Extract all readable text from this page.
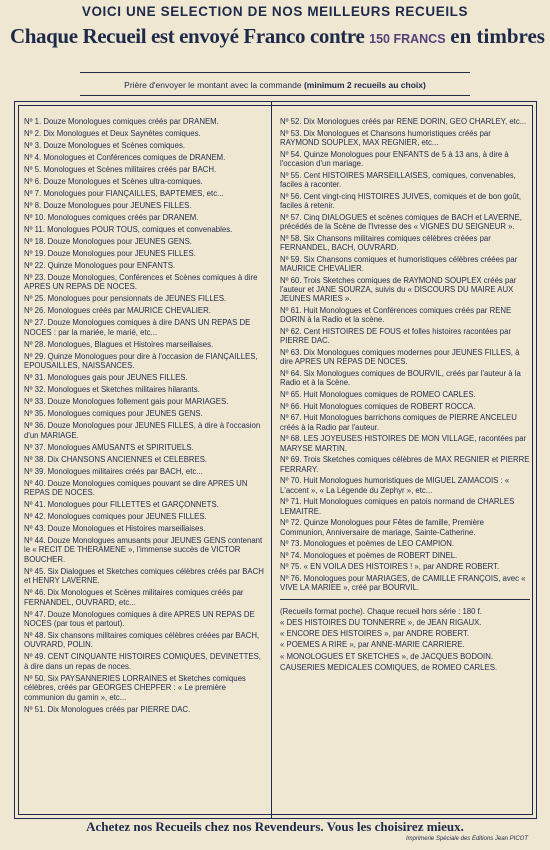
VOICI UNE SELECTION DE NOS MEILLEURS RECUEILS
Chaque Recueil est envoyé Franco contre 150 FRANCS en timbres
Prière d'envoyer le montant avec la commande (minimum 2 recueils au choix)
Nº 1. Douze Monologues comiques créés par DRANEM.
Nº 2. Dix Monologues et Deux Saynètes comiques.
Nº 3. Douze Monologues et Scènes comiques.
Nº 4. Monologues et Conférences comiques de DRANEM.
Nº 5. Monologues et Scènes militaires créés par BACH.
Nº 6. Douze Monologues et Scènes ultra-comiques.
Nº 7. Monologues pour FIANÇAILLES, BAPTEMES, etc...
Nº 8. Douze Monologues pour JEUNES FILLES.
Nº 10. Monologues comiques créés par DRANEM.
Nº 11. Monologues POUR TOUS, comiques et convenables.
Nº 18. Douze Monologues pour JEUNES GENS.
Nº 19. Douze Monologues pour JEUNES FILLES.
Nº 22. Quinze Monologues pour ENFANTS.
Nº 23. Douze Monologues, Conférences et Scènes comiques à dire APRES UN REPAS DE NOCES.
Nº 25. Monologues pour pensionnats de JEUNES FILLES.
Nº 26. Monologues créés par MAURICE CHEVALIER.
Nº 27. Douze Monologues comiques à dire DANS UN REPAS DE NOCES : par la mariée, le marié, etc...
Nº 28. Monologues, Blagues et Histoires marseillaises.
Nº 29. Quinze Monologues pour dire à l'occasion de FIANÇAILLES, EPOUSAILLES, NAISSANCES.
Nº 31. Monologues gais pour JEUNES FILLES.
Nº 32. Monologues et Sketches militaires hilarants.
Nº 33. Douze Monologues follement gais pour MARIAGES.
Nº 35. Monologues comiques pour JEUNES GENS.
Nº 36. Douze Monologues pour JEUNES FILLES, à dire à l'occasion d'un MARIAGE.
Nº 37. Monologues AMUSANTS et SPIRITUELS.
Nº 38. Dix CHANSONS ANCIENNES et CELEBRES.
Nº 39. Monologues militaires créés par BACH, etc...
Nº 40. Douze Monologues comiques pouvant se dire APRES UN REPAS DE NOCES.
Nº 41. Monologues pour FILLETTES et GARÇONNETS.
Nº 42. Monologues comiques pour JEUNES FILLES.
Nº 43. Douze Monologues et Histoires marseillaises.
Nº 44. Douze Monologues amusants pour JEUNES GENS contenant le « RECIT DE THERAMENE », l'immense succès de VICTOR BOUCHER.
Nº 45. Six Dialogues et Sketches comiques célèbres créés par BACH et HENRY LAVERNE.
Nº 46. Dix Monologues et Scènes militaires comiques créés par FERNANDEL, OUVRARD, etc...
Nº 47. Douze Monologues comiques à dire APRES UN REPAS DE NOCES (par tous et partout).
Nº 48. Six chansons militaires comiques célèbres créées par BACH, OUVRARD, POLIN.
Nº 49. CENT CINQUANTE HISTOIRES COMIQUES, DEVINETTES, à dire dans un repas de noces.
Nº 50. Six PAYSANNERIES LORRAINES et Sketches comiques célèbres, créés par GEORGES CHEPFER : « Le première communion du gamin », etc...
Nº 51. Dix Monologues créés par PIERRE DAC.
Nº 52. Dix Monologues créés par RENE DORIN, GEO CHARLEY, etc...
Nº 53. Dix Monologues et Chansons humoristiques créés par RAYMOND SOUPLEX, MAX REGNIER, etc...
Nº 54. Quinze Monologues pour ENFANTS de 5 à 13 ans, à dire à l'occasion d'un mariage.
Nº 55. Cent HISTOIRES MARSEILLAISES, comiques, convenables, faciles à raconter.
Nº 56. Cent vingt-cinq HISTOIRES JUIVES, comiques et de bon goût, faciles à retenir.
Nº 57. Cinq DIALOGUES et scènes comiques de BACH et LAVERNE, précédés de la Scène de l'Ivresse des « VIGNES DU SEIGNEUR ».
Nº 58. Six Chansons militaires comiques célèbres créées par FERNANDEL, BACH, OUVRARD.
Nº 59. Six Chansons comiques et humoristiques célèbres créées par MAURICE CHEVALIER.
Nº 60. Trois Sketches comiques de RAYMOND SOUPLEX créés par l'auteur et JANE SOURZA, suivis du « DISCOURS DU MAIRE AUX JEUNES MARIES ».
Nº 61. Huit Monologues et Conférences comiques créés par RENE DORIN à la Radio et la scène.
Nº 62. Cent HISTOIRES DE FOUS et folles histoires racontées par PIERRE DAC.
Nº 63. Dix Monologues comiques modernes pour JEUNES FILLES, à dire APRES UN REPAS DE NOCES.
Nº 64. Six Monologues comiques de BOURVIL, créés par l'auteur à la Radio et à la Scène.
Nº 65. Huit Monologues comiques de ROMEO CARLES.
Nº 66. Huit Monologues comiques de ROBERT ROCCA.
Nº 67. Huit Monologues barrichons comiques de PIERRE ANCELEU créés à la Radio par l'auteur.
Nº 68. LES JOYEUSES HISTOIRES DE MON VILLAGE, racontées par MARYSE MARTIN.
Nº 69. Trois Sketches comiques célèbres de MAX REGNIER et PIERRE FERRARY.
Nº 70. Huit Monologues humoristiques de MIGUEL ZAMACOIS : « L'accent », « La Légende du Zephyr », etc...
Nº 71. Huit Monologues comiques en patois normand de CHARLES LEMAITRE.
Nº 72. Quinze Monologues pour Fêtes de famille, Première Communion, Anniversaire de mariage, Sainte-Catherine.
Nº 73. Monologues et poèmes de LEO CAMPION.
Nº 74. Monologues et poèmes de ROBERT DINEL.
Nº 75. « EN VOILA DES HISTOIRES ! », par ANDRE ROBERT.
Nº 76. Monologues pour MARIAGES, de CAMILLE FRANÇOIS, avec « VIVE LA MARIEE », créé par BOURVIL.
(Recueils format poche). Chaque recueil hors série : 180 f.
« DES HISTOIRES DU TONNERRE », de JEAN RIGAUX.
« ENCORE DES HISTOIRES », par ANDRE ROBERT.
« POEMES A RIRE », par ANNE-MARIE CARRIERE.
« MONOLOGUES ET SKETCHES », de JACQUES BODOIN.
CAUSERIES MEDICALES COMIQUES, de ROMEO CARLES.
Achetez nos Recueils chez nos Revendeurs. Vous les choisirez mieux.
Imprimerie Spéciale des Editions Jean PICOT
